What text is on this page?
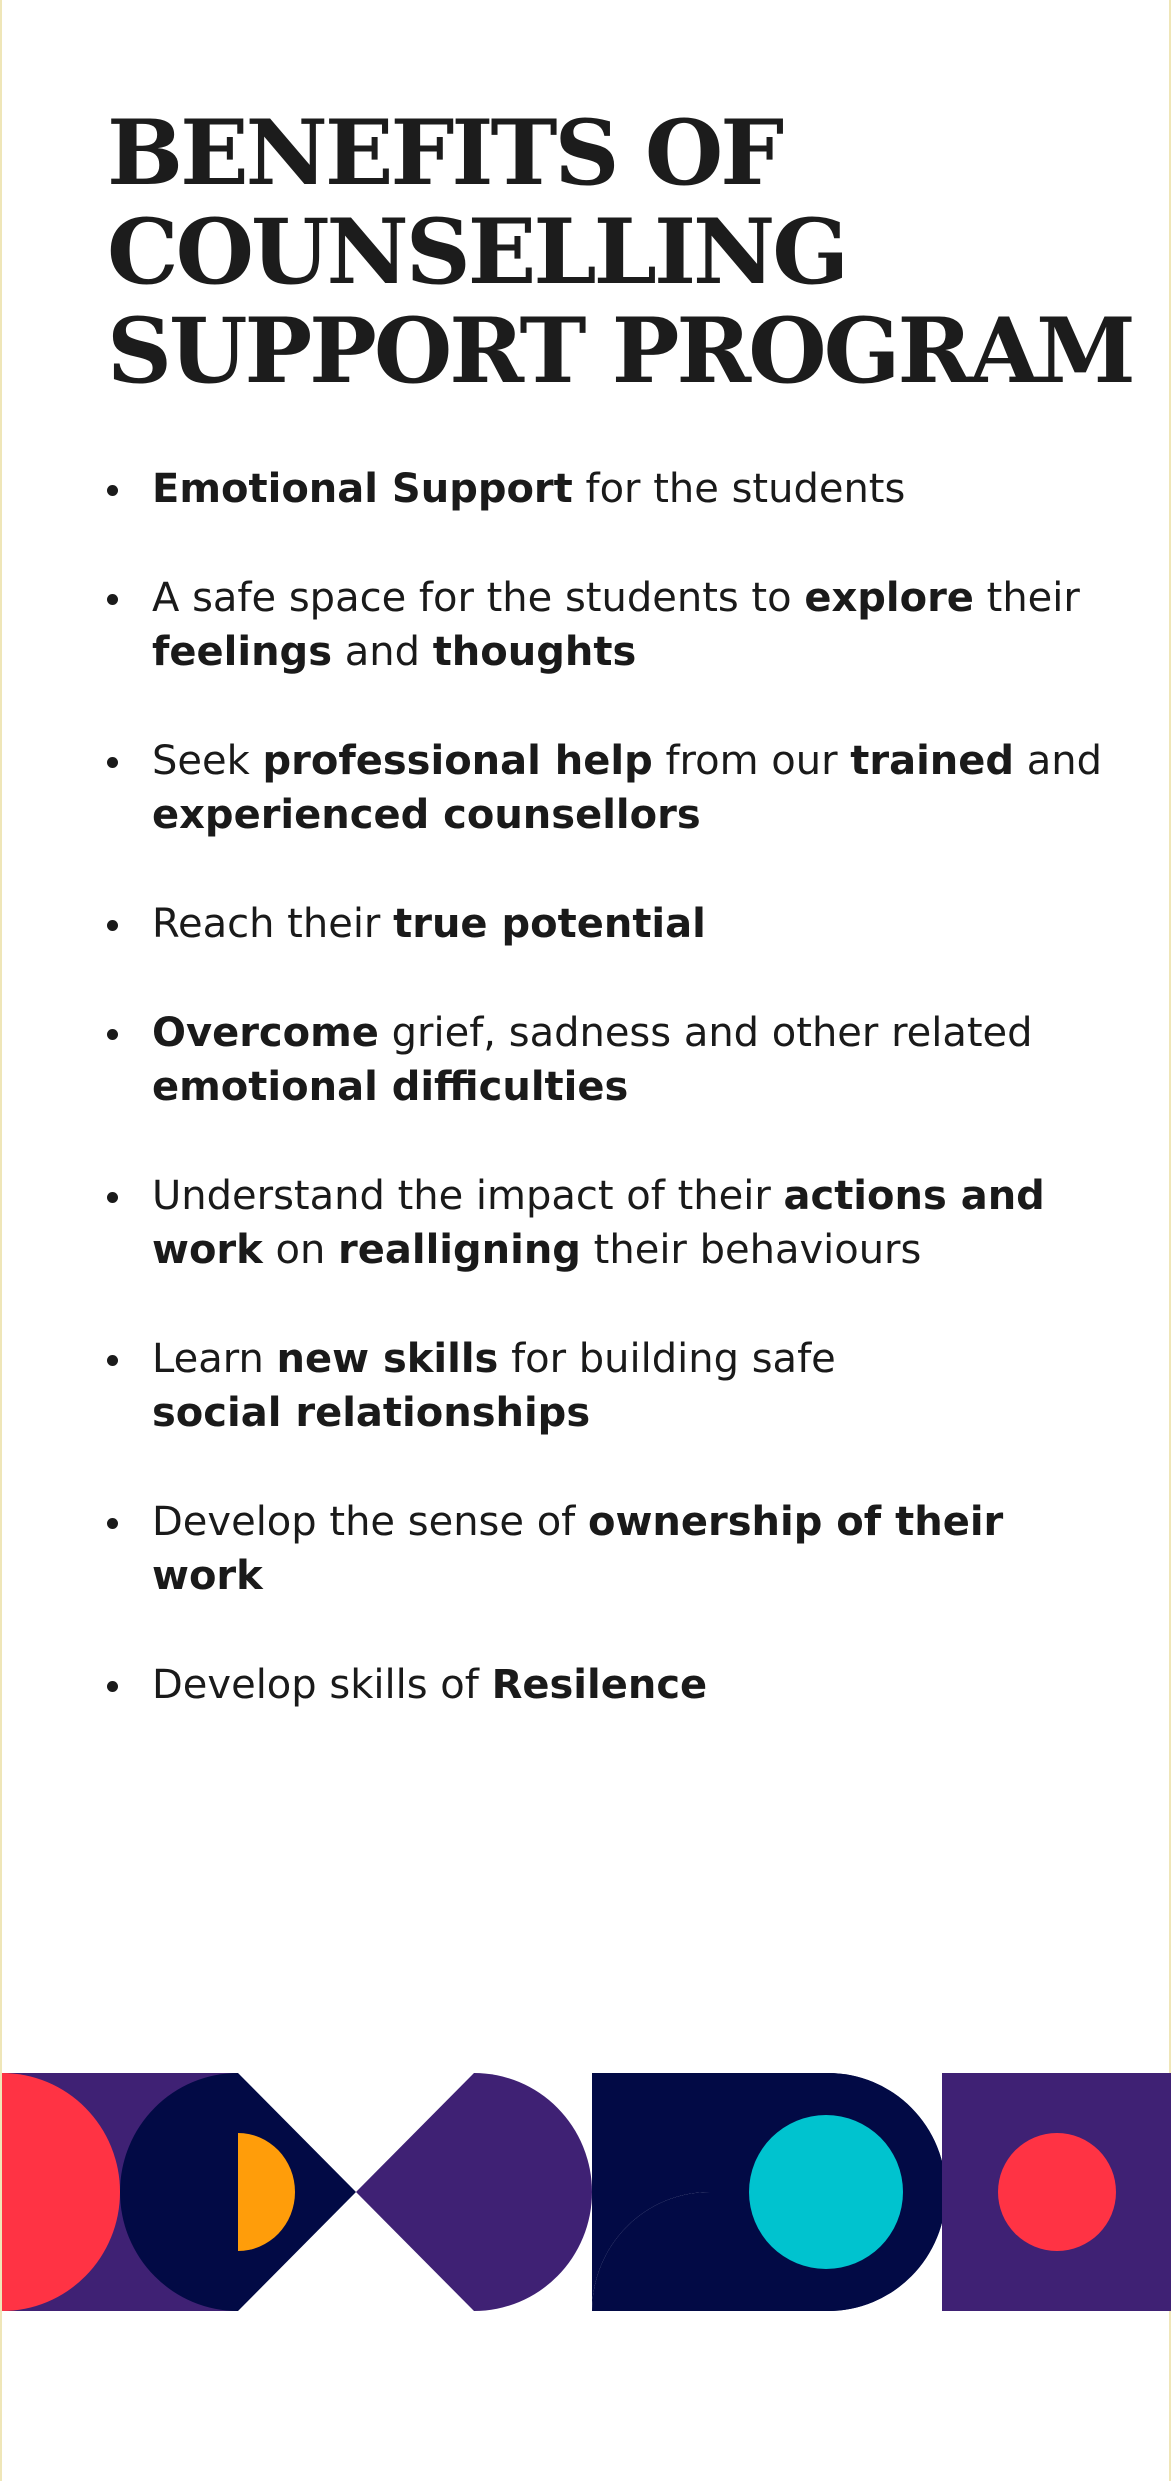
BENEFITS OF
COUNSELLING
SUPPORT PROGRAM
Emotional Support for the students
A safe space for the students to explore their
feelings and thoughts
Seek professional help from our trained and
experienced counsellors
Reach their true potential
Overcome grief, sadness and other related
emotional difficulties
Understand the impact of their actions and
work on realligning their behaviours
Learn new skills for building safe
social relationships
Develop the sense of ownership of their work
Develop skills of Resilence
